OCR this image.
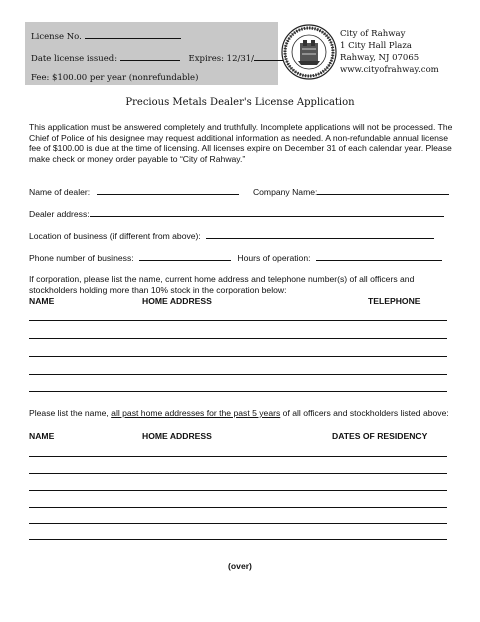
License No.
Date license issued:	Expires: 12/31/
Fee: $100.00 per year (nonrefundable)
City of Rahway
1 City Hall Plaza
Rahway, NJ 07065
www.cityofrahway.com
Precious Metals Dealer's License Application
This application must be answered completely and truthfully. Incomplete applications will not be processed. The Chief of Police of his designee may request additional information as needed. A non-refundable annual license fee of $100.00 is due at the time of licensing. All licenses expire on December 31 of each calendar year. Please make check or money order payable to “City of Rahway.”
Name of dealer:	Company Name:
Dealer address:
Location of business (if different from above):
Phone number of business:	Hours of operation:
If corporation, please list the name, current home address and telephone number(s) of all officers and stockholders holding more than 10% stock in the corporation below:
NAME	HOME ADDRESS	TELEPHONE
Please list the name, all past home addresses for the past 5 years of all officers and stockholders listed above:
NAME	HOME ADDRESS	DATES OF RESIDENCY
(over)
